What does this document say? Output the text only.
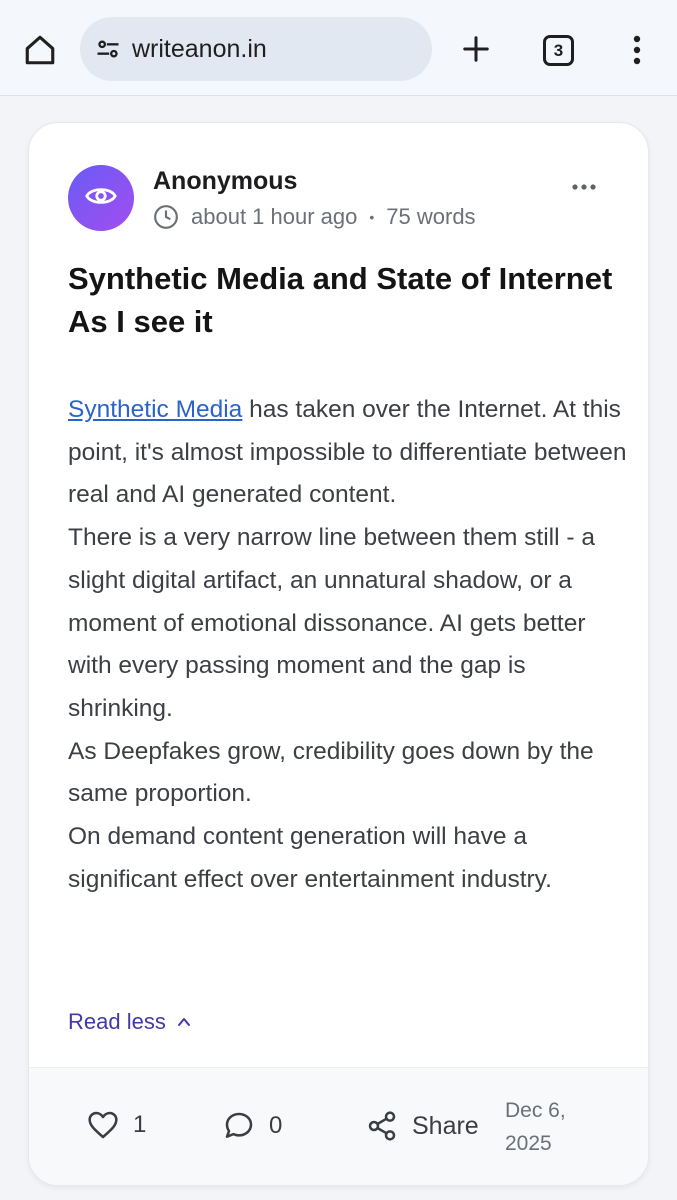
writeanon.in	3
Anonymous
about 1 hour ago • 75 words
Synthetic Media and State of Internet As I see it

Synthetic Media has taken over the Internet. At this point, it's almost impossible to differentiate between real and AI generated content.

There is a very narrow line between them still - a slight digital artifact, an unnatural shadow, or a moment of emotional dissonance. AI gets better with every passing moment and the gap is shrinking.

As Deepfakes grow, credibility goes down by the same proportion.

On demand content generation will have a significant effect over entertainment industry.

Read less
1	0	Share
Dec 6, 2025
